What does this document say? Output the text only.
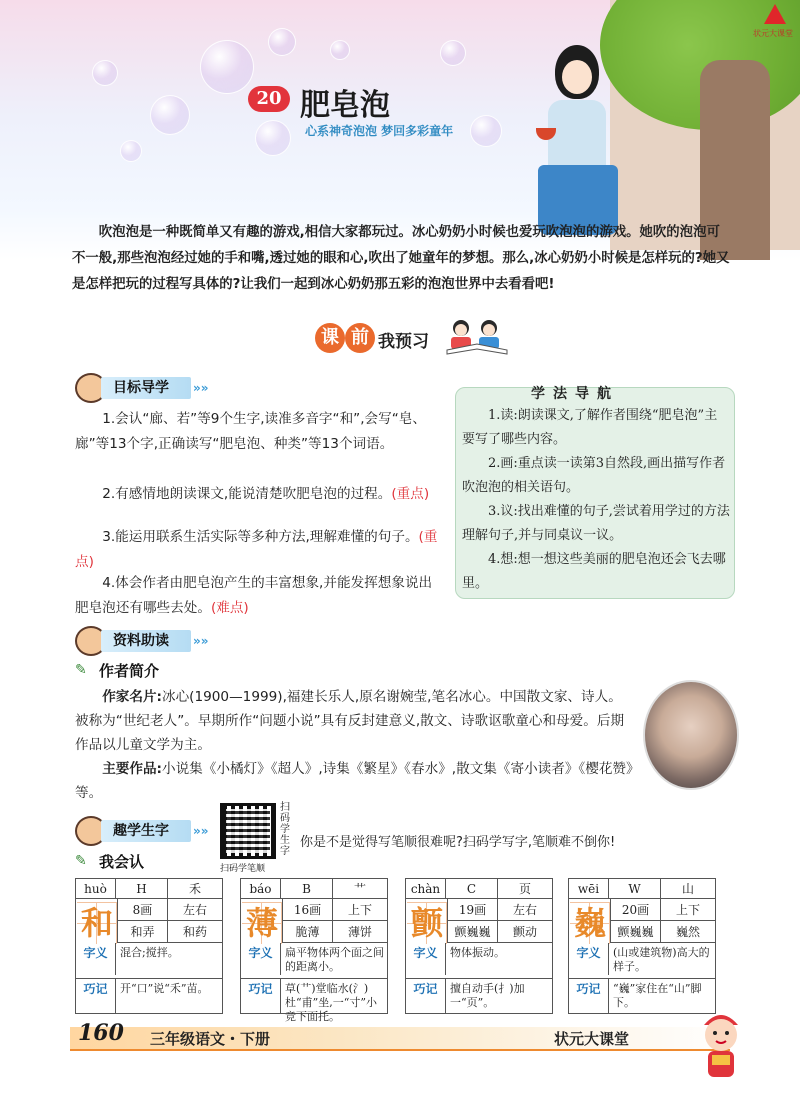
状元大课堂
20 肥皂泡
心系神奇泡泡 梦回多彩童年

吹泡泡是一种既简单又有趣的游戏,相信大家都玩过。冰心奶奶小时候也爱玩吹泡泡的游戏。她吹的泡泡可不一般,那些泡泡经过她的手和嘴,透过她的眼和心,吹出了她童年的梦想。那么,冰心奶奶小时候是怎样玩的?她又是怎样把玩的过程写具体的?让我们一起到冰心奶奶那五彩的泡泡世界中去看看吧!

课 前 我预习
目标导学	»»

1.会认“廊、若”等9个生字,读准多音字“和”,会写“皂、廊”等13个字,正确读写“肥皂泡、种类”等13个词语。

2.有感情地朗读课文,能说清楚吹肥皂泡的过程。(重点)

3.能运用联系生活实际等多种方法,理解难懂的句子。(重点)

4.体会作者由肥皂泡产生的丰富想象,并能发挥想象说出肥皂泡还有哪些去处。(难点)

学法导航

1.读:朗读课文,了解作者围绕“肥皂泡”主要写了哪些内容。

2.画:重点读一读第3自然段,画出描写作者吹泡泡的相关语句。

3.议:找出难懂的句子,尝试着用学过的方法理解句子,并与同桌议一议。

4.想:想一想这些美丽的肥皂泡还会飞去哪里。

资料助读	»»
✎ 作者简介

作家名片:冰心(1900—1999),福建长乐人,原名谢婉莹,笔名冰心。中国散文家、诗人。被称为“世纪老人”。早期所作“问题小说”具有反封建意义,散文、诗歌讴歌童心和母爱。后期作品以儿童文学为主。

主要作品:小说集《小橘灯》《超人》,诗集《繁星》《春水》,散文集《寄小读者》《樱花赞》等。

趣学生字	»»
扫码学笔顺
扫码学生字
你是不是觉得写笔顺很难呢?扫码学写字,笔顺难不倒你!
✎ 我会认
huò	H	禾
和	8画	左右
和弄	和药
字义	混合;搅拌。
巧记	开“口”说“禾”苗。
báo	B	艹
薄	16画	上下
脆薄	薄饼
字义	扁平物体两个面之间的距离小。
巧记	草(艹)堂临水(氵)杜“甫”坐,一“寸”小竞下面托。
chàn	C	页
颤	19画	左右
颤巍巍	颤动
字义	物体振动。
巧记	擅自动手(扌)加一“页”。
wēi	W	山
巍	20画	上下
颤巍巍	巍然
字义	(山或建筑物)高大的样子。
巧记	“巍”家住在“山”脚下。
160 三年级语文・下册	状元大课堂
